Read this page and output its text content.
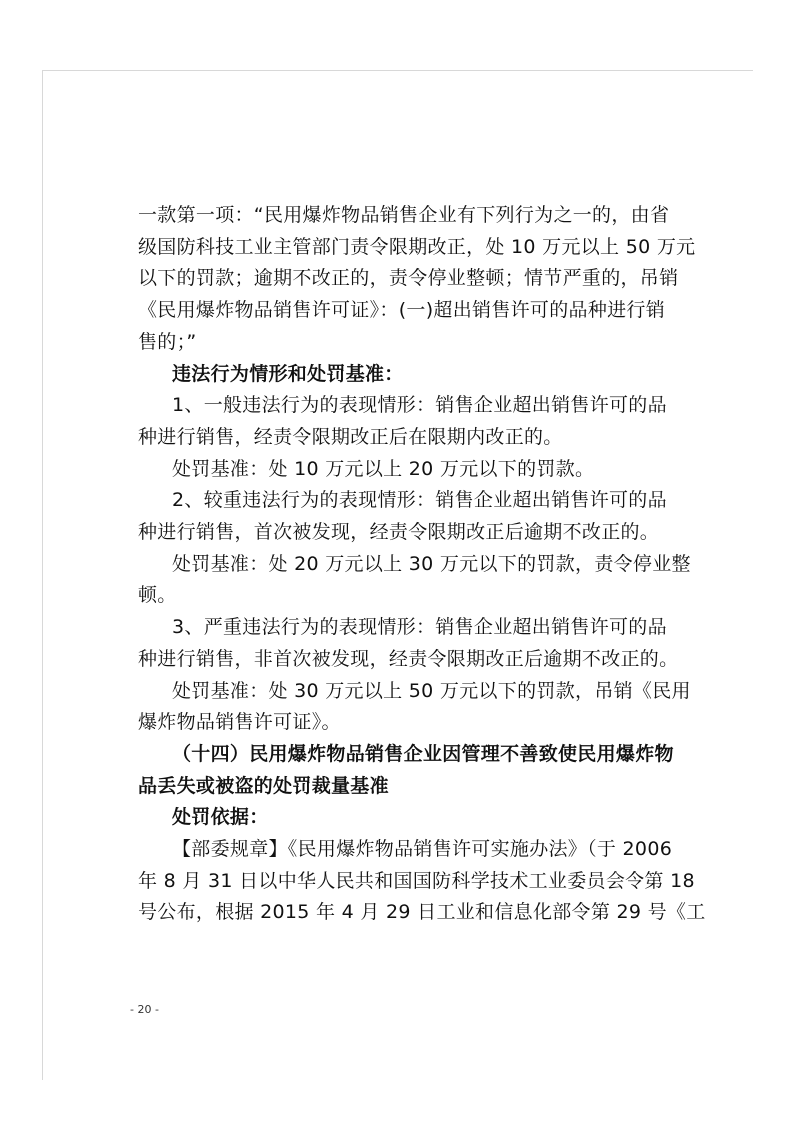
一款第一项：“民用爆炸物品销售企业有下列行为之一的，由省
级国防科技工业主管部门责令限期改正，处 10 万元以上 50 万元
以下的罚款；逾期不改正的，责令停业整顿；情节严重的，吊销
《民用爆炸物品销售许可证》：(一)超出销售许可的品种进行销
售的；”
违法行为情形和处罚基准：
1、一般违法行为的表现情形：销售企业超出销售许可的品
种进行销售，经责令限期改正后在限期内改正的。
处罚基准：处 10 万元以上 20 万元以下的罚款。
2、较重违法行为的表现情形：销售企业超出销售许可的品
种进行销售，首次被发现，经责令限期改正后逾期不改正的。
处罚基准：处 20 万元以上 30 万元以下的罚款，责令停业整
顿。
3、严重违法行为的表现情形：销售企业超出销售许可的品
种进行销售，非首次被发现，经责令限期改正后逾期不改正的。
处罚基准：处 30 万元以上 50 万元以下的罚款，吊销《民用
爆炸物品销售许可证》。
（十四）民用爆炸物品销售企业因管理不善致使民用爆炸物
品丢失或被盗的处罚裁量基准
处罚依据：
【部委规章】《民用爆炸物品销售许可实施办法》（于 2006
年 8 月 31 日以中华人民共和国国防科学技术工业委员会令第 18
号公布，根据 2015 年 4 月 29 日工业和信息化部令第 29 号《工
- 20 -
